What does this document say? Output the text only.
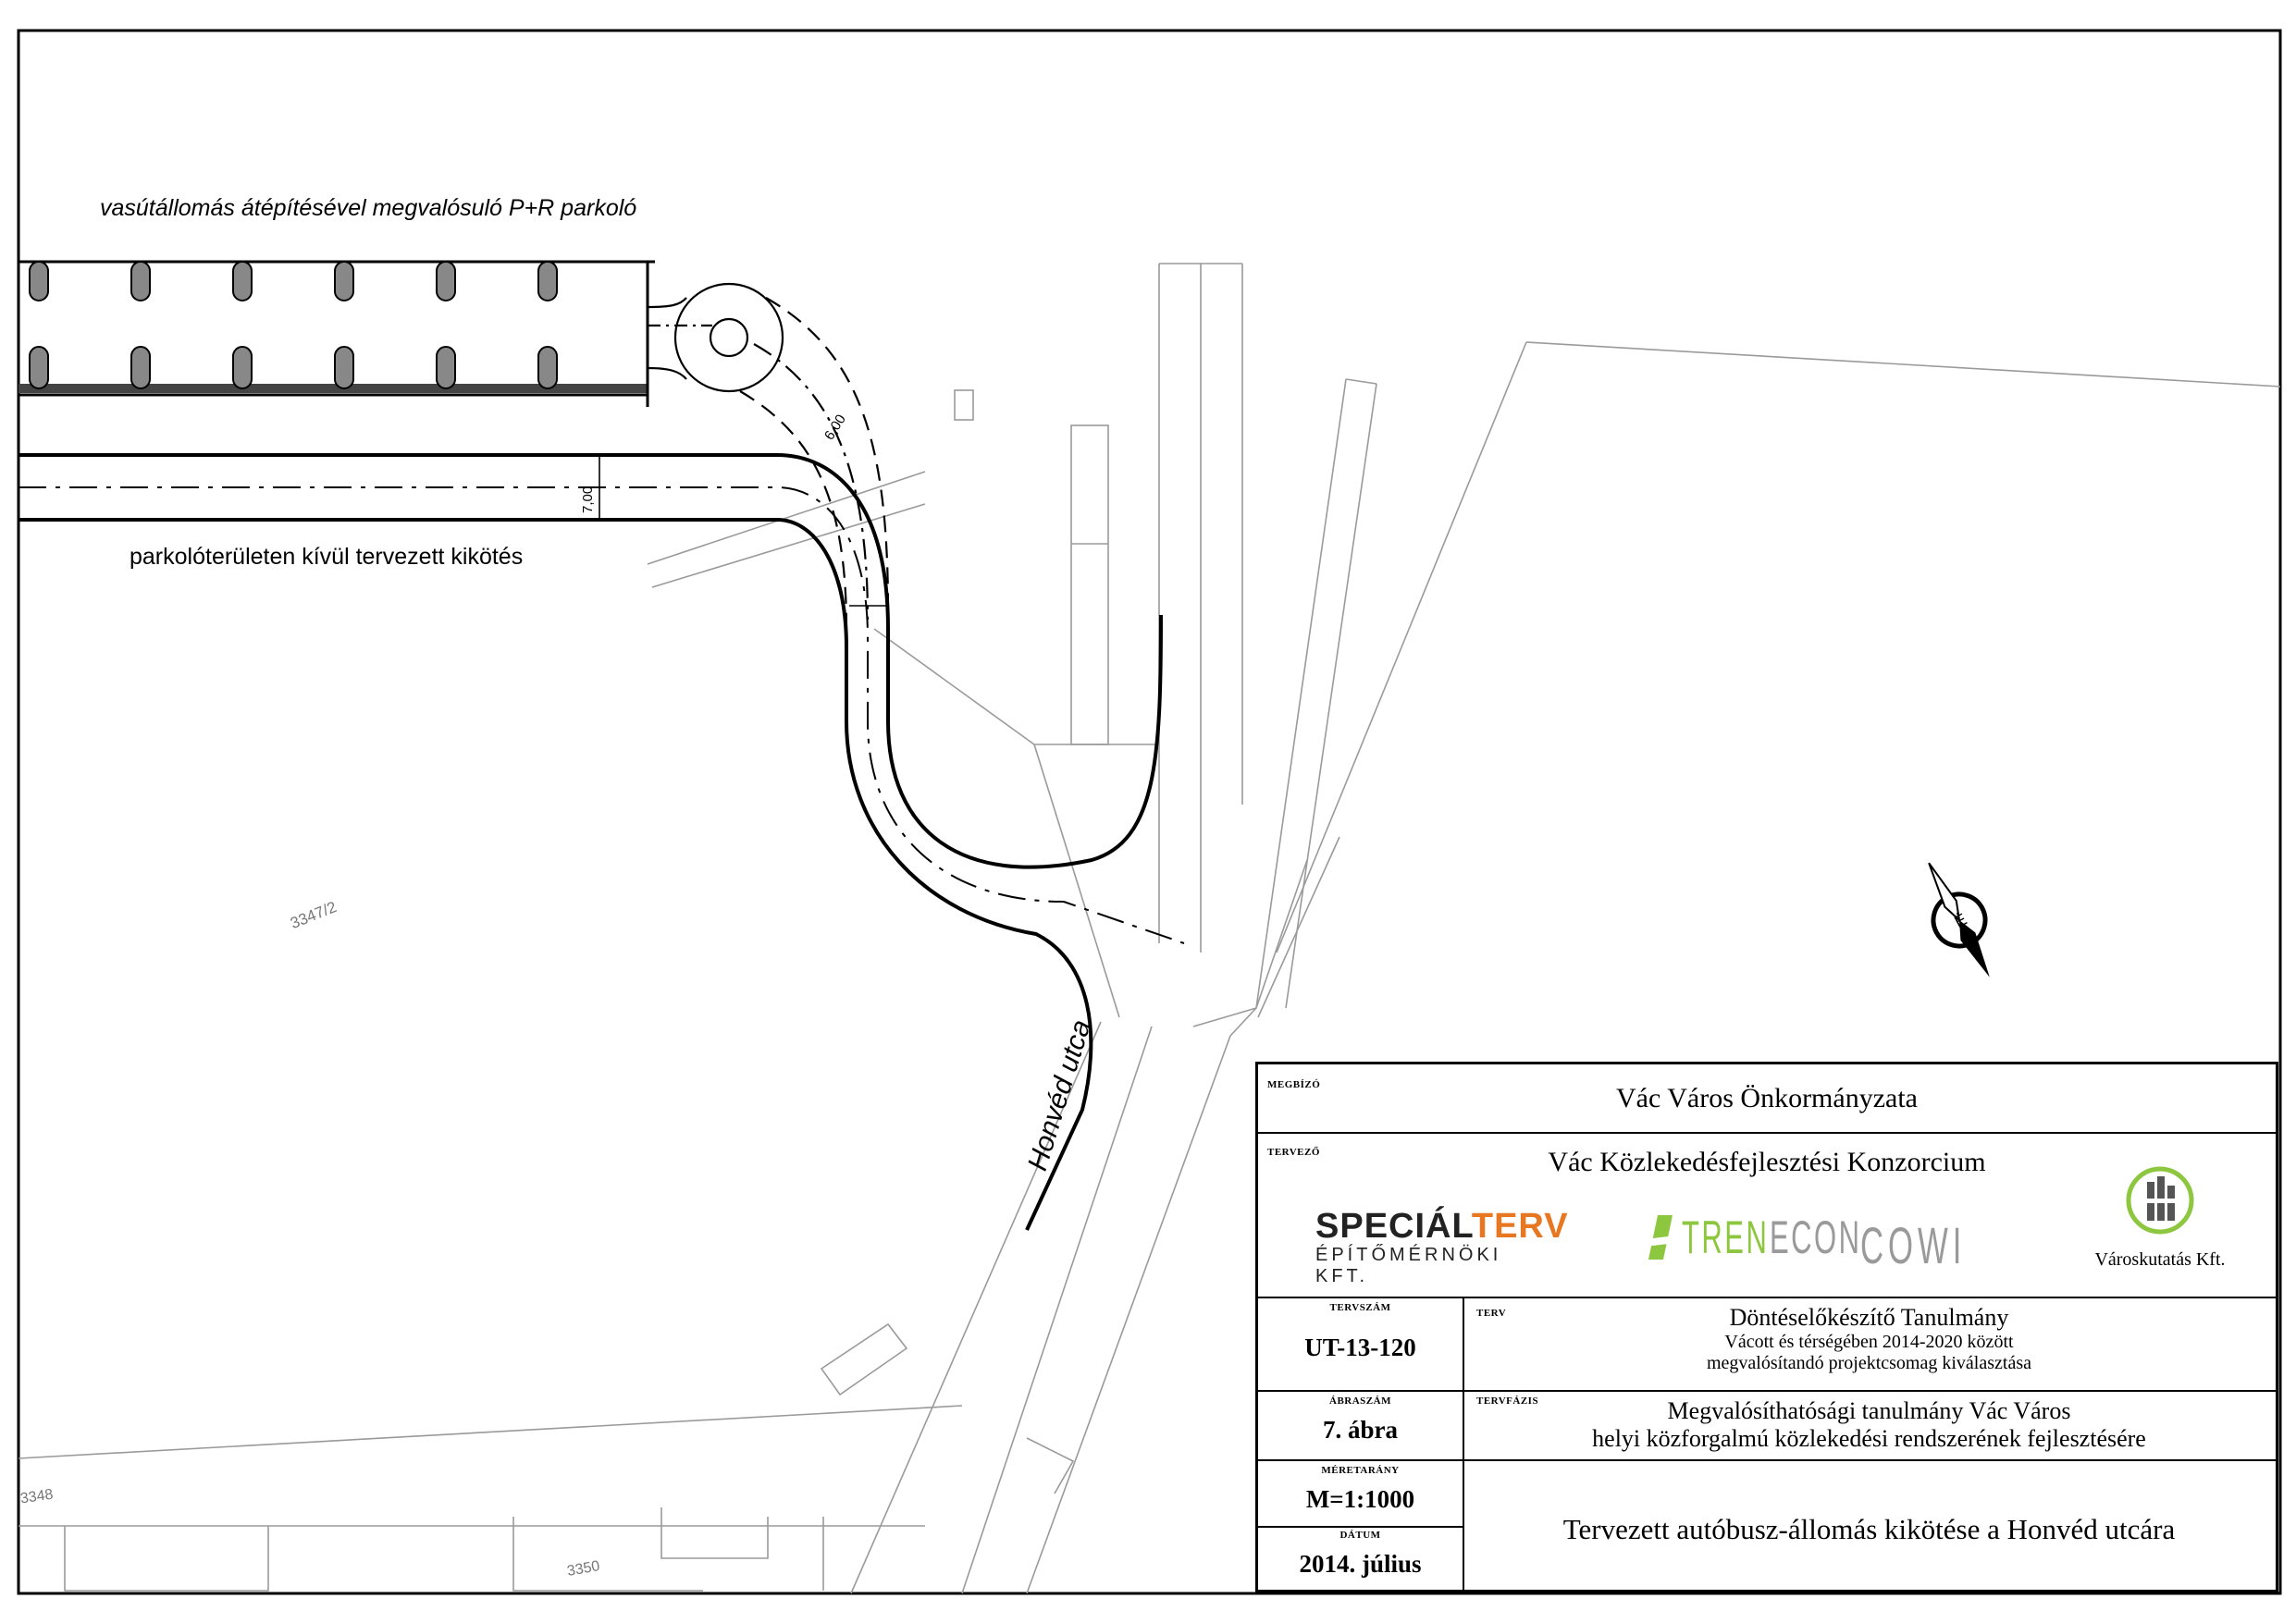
É
vasútállomás átépítésével megvalósuló P+R parkoló
parkolóterületen kívül tervezett kikötés
Honvéd utca
7,00
6,00
3347/2
3348
3350
MEGBÍZÓ	Vác Város Önkormányzata
TERVEZŐ	Vác Közlekedésfejlesztési Konzorcium
SPECIÁLTERV
ÉPÍTŐMÉRNÖKI KFT.
TREN ECON
COWI	Városkutatás Kft.
TERVSZÁM
UT-13-120
TERV	Döntéselőkészítő Tanulmány
Vácott és térségében 2014-2020 között
megvalósítandó projektcsomag kiválasztása
ÁBRASZÁM
7. ábra
TERVFÁZIS	Megvalósíthatósági tanulmány Vác Város
helyi közforgalmú közlekedési rendszerének fejlesztésére
MÉRETARÁNY
M=1:1000
DÁTUM
2014. július
Tervezett autóbusz-állomás kikötése a Honvéd utcára
